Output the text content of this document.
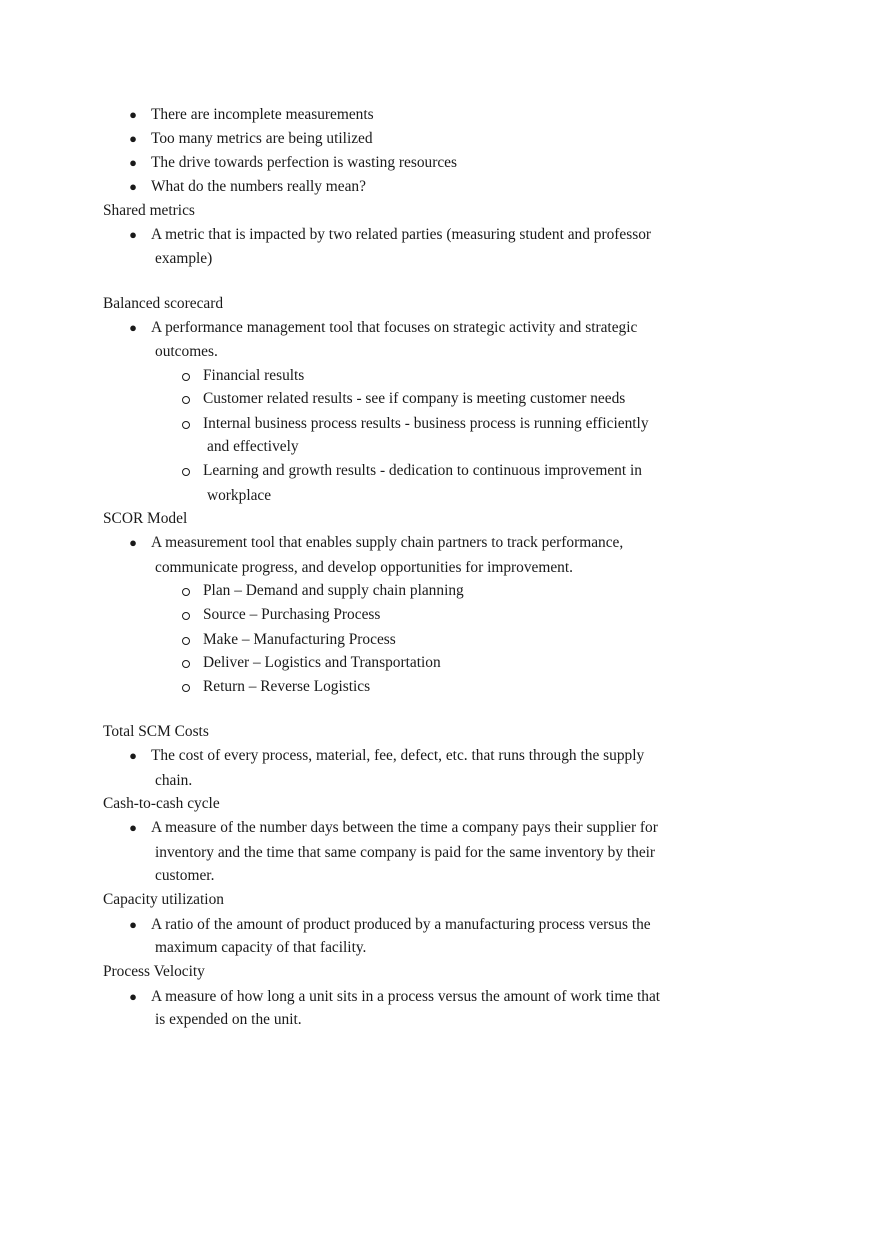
● There are incomplete measurements
● Too many metrics are being utilized
● The drive towards perfection is wasting resources
● What do the numbers really mean?
Shared metrics
● A metric that is impacted by two related parties (measuring student and professor
example)
Balanced scorecard
● A performance management tool that focuses on strategic activity and strategic
outcomes.
Financial results
Customer related results - see if company is meeting customer needs
Internal business process results - business process is running efficiently
and effectively
Learning and growth results - dedication to continuous improvement in
workplace
SCOR Model
● A measurement tool that enables supply chain partners to track performance,
communicate progress, and develop opportunities for improvement.
Plan – Demand and supply chain planning
Source – Purchasing Process
Make – Manufacturing Process
Deliver – Logistics and Transportation
Return – Reverse Logistics
Total SCM Costs
● The cost of every process, material, fee, defect, etc. that runs through the supply
chain.
Cash-to-cash cycle
● A measure of the number days between the time a company pays their supplier for
inventory and the time that same company is paid for the same inventory by their
customer.
Capacity utilization
● A ratio of the amount of product produced by a manufacturing process versus the
maximum capacity of that facility.
Process Velocity
● A measure of how long a unit sits in a process versus the amount of work time that
is expended on the unit.
